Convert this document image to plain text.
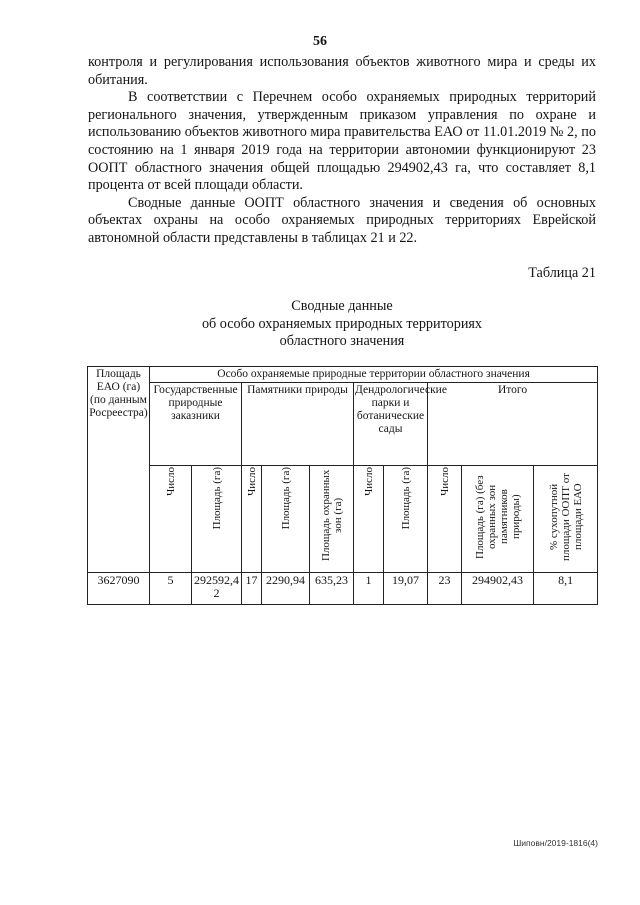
56

контроля и регулирования использования объектов животного мира и среды их обитания.

В соответствии с Перечнем особо охраняемых природных территорий регионального значения, утвержденным приказом управления по охране и использованию объектов животного мира правительства ЕАО от 11.01.2019 № 2, по состоянию на 1 января 2019 года на территории автономии функционируют 23 ООПТ областного значения общей площадью 294902,43 га, что составляет 8,1 процента от всей площади области.

Сводные данные ООПТ областного значения и сведения об основных объектах охраны на особо охраняемых природных территориях Еврейской автономной области представлены в таблицах 21 и 22.

Таблица 21
Сводные данные
об особо охраняемых природных территориях
областного значения
Площадь ЕАО (га) (по данным Росреестра)	Особо охраняемые природные территории областного значения									
	Государственные природные заказники		Памятники природы			Дендрологические парки и ботанические сады		Итого		
	Число	Площадь (га)	Число	Площадь (га)	Площадь охранных зон (га)	Число	Площадь (га)	Число	Площадь (га) (без охранных зон памятников природы)	% сухопутной площади ООПТ от площади ЕАО
3627090	5	292592,42	17	2290,94	635,23	1	19,07	23	294902,43	8,1
Шиповн/2019-1816(4)
